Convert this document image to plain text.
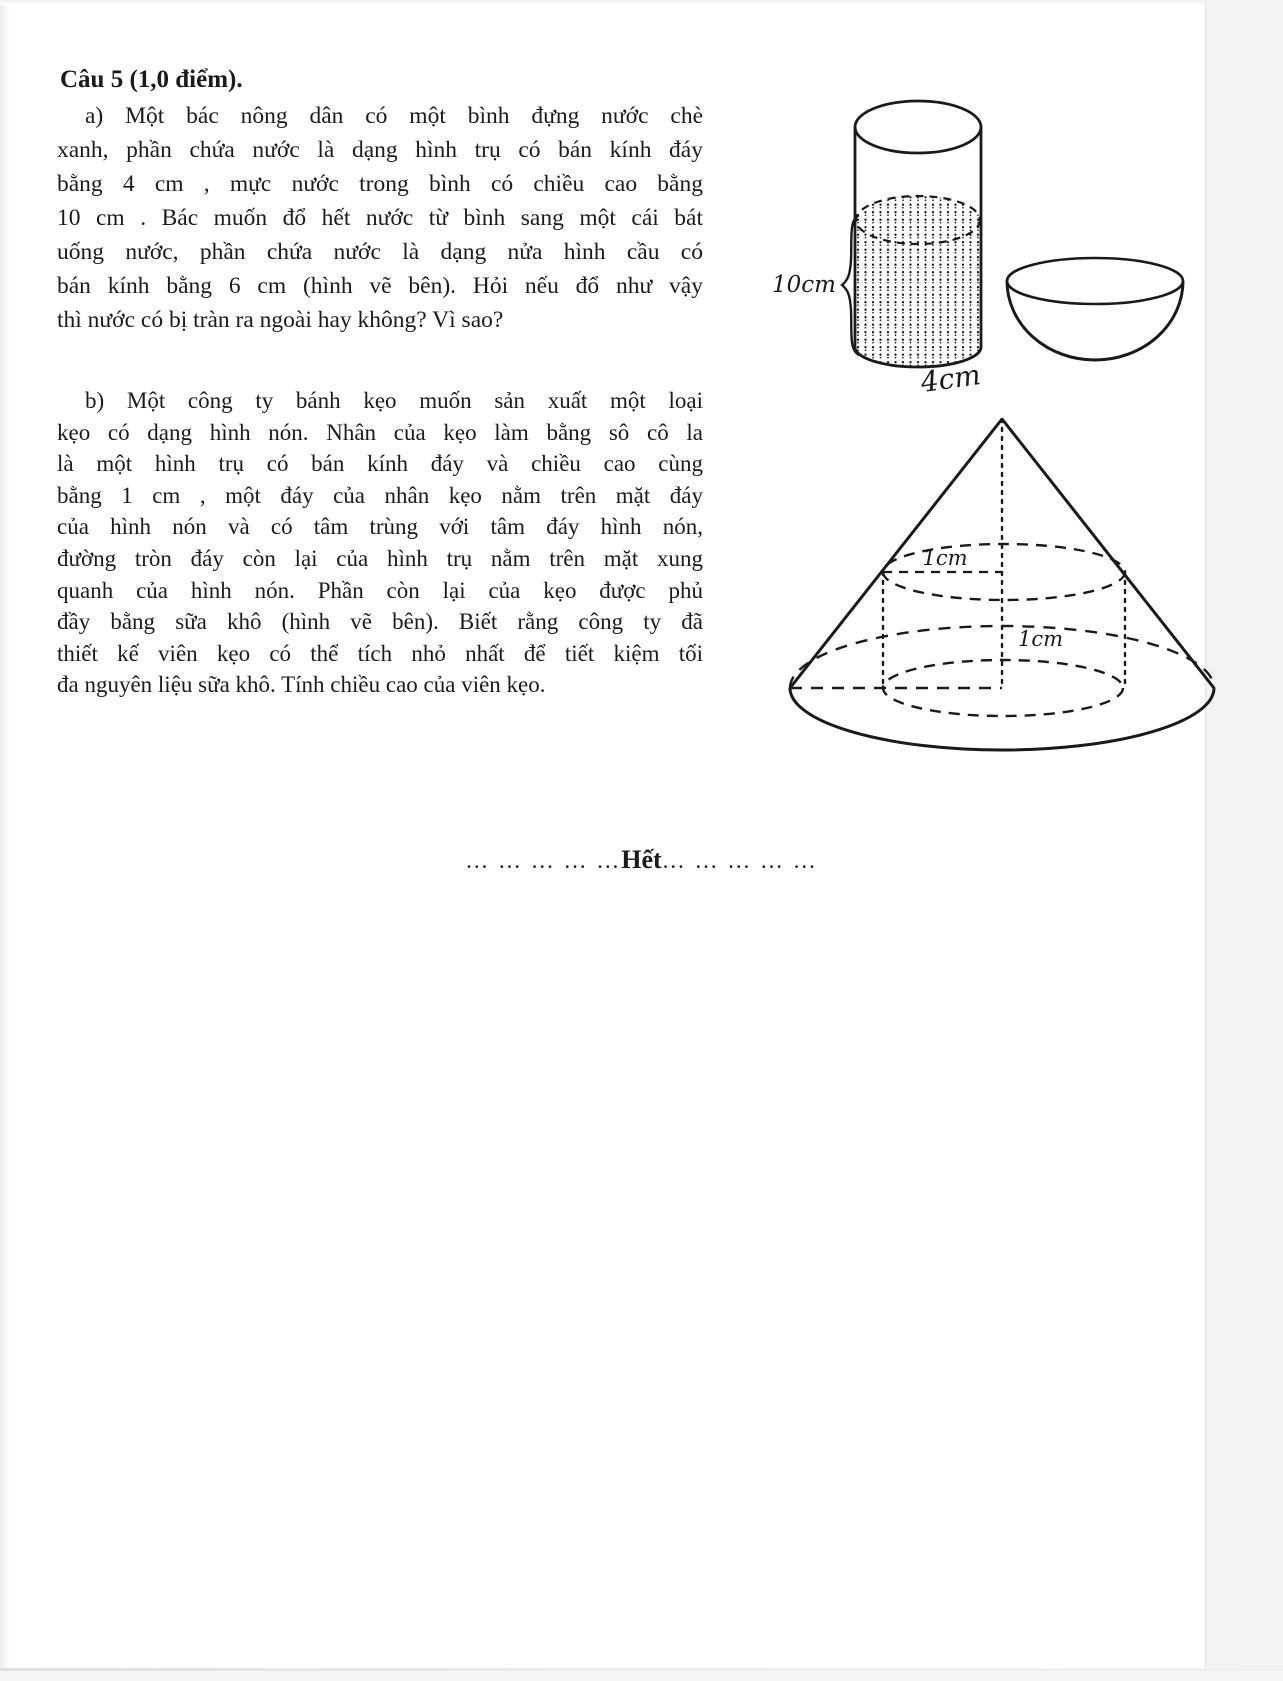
Câu 5 (1,0 điểm).
a) Một bác nông dân có một bình đựng nước chè
xanh, phần chứa nước là dạng hình trụ có bán kính đáy
bằng 4 cm , mực nước trong bình có chiều cao bằng
10 cm . Bác muốn đổ hết nước từ bình sang một cái bát
uống nước, phần chứa nước là dạng nửa hình cầu có
bán kính bằng 6 cm (hình vẽ bên). Hỏi nếu đổ như vậy
thì nước có bị tràn ra ngoài hay không? Vì sao?
b) Một công ty bánh kẹo muốn sản xuất một loại
kẹo có dạng hình nón. Nhân của kẹo làm bằng sô cô la
là một hình trụ có bán kính đáy và chiều cao cùng
bằng 1 cm , một đáy của nhân kẹo nằm trên mặt đáy
của hình nón và có tâm trùng với tâm đáy hình nón,
đường tròn đáy còn lại của hình trụ nằm trên mặt xung
quanh của hình nón. Phần còn lại của kẹo được phủ
đầy bằng sữa khô (hình vẽ bên). Biết rằng công ty đã
thiết kế viên kẹo có thể tích nhỏ nhất để tiết kiệm tối
đa nguyên liệu sữa khô. Tính chiều cao của viên kẹo.
10cm
4cm
1cm
1cm
… … … … …Hết… … … … …
